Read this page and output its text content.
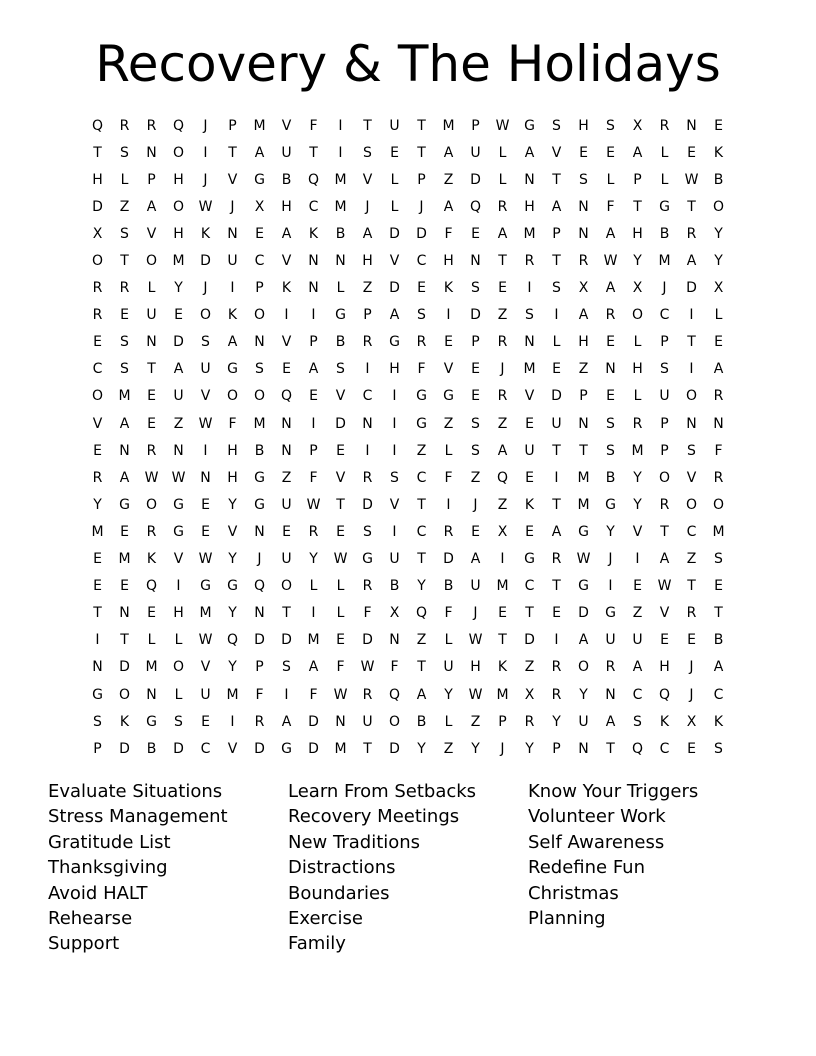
Recovery & The Holidays
Q	R	R	Q	J	P	M	V	F	I	T	U	T	M	P	W	G	S	H	S	X	R	N	E
T	S	N	O	I	T	A	U	T	I	S	E	T	A	U	L	A	V	E	E	A	L	E	K
H	L	P	H	J	V	G	B	Q	M	V	L	P	Z	D	L	N	T	S	L	P	L	W	B
D	Z	A	O	W	J	X	H	C	M	J	L	J	A	Q	R	H	A	N	F	T	G	T	O
X	S	V	H	K	N	E	A	K	B	A	D	D	F	E	A	M	P	N	A	H	B	R	Y
O	T	O	M	D	U	C	V	N	N	H	V	C	H	N	T	R	T	R	W	Y	M	A	Y
R	R	L	Y	J	I	P	K	N	L	Z	D	E	K	S	E	I	S	X	A	X	J	D	X
R	E	U	E	O	K	O	I	I	G	P	A	S	I	D	Z	S	I	A	R	O	C	I	L
E	S	N	D	S	A	N	V	P	B	R	G	R	E	P	R	N	L	H	E	L	P	T	E
C	S	T	A	U	G	S	E	A	S	I	H	F	V	E	J	M	E	Z	N	H	S	I	A
O	M	E	U	V	O	O	Q	E	V	C	I	G	G	E	R	V	D	P	E	L	U	O	R
V	A	E	Z	W	F	M	N	I	D	N	I	G	Z	S	Z	E	U	N	S	R	P	N	N
E	N	R	N	I	H	B	N	P	E	I	I	Z	L	S	A	U	T	T	S	M	P	S	F
R	A	W	W	N	H	G	Z	F	V	R	S	C	F	Z	Q	E	I	M	B	Y	O	V	R
Y	G	O	G	E	Y	G	U	W	T	D	V	T	I	J	Z	K	T	M	G	Y	R	O	O
M	E	R	G	E	V	N	E	R	E	S	I	C	R	E	X	E	A	G	Y	V	T	C	M
E	M	K	V	W	Y	J	U	Y	W	G	U	T	D	A	I	G	R	W	J	I	A	Z	S
E	E	Q	I	G	G	Q	O	L	L	R	B	Y	B	U	M	C	T	G	I	E	W	T	E
T	N	E	H	M	Y	N	T	I	L	F	X	Q	F	J	E	T	E	D	G	Z	V	R	T
I	T	L	L	W	Q	D	D	M	E	D	N	Z	L	W	T	D	I	A	U	U	E	E	B
N	D	M	O	V	Y	P	S	A	F	W	F	T	U	H	K	Z	R	O	R	A	H	J	A
G	O	N	L	U	M	F	I	F	W	R	Q	A	Y	W	M	X	R	Y	N	C	Q	J	C
S	K	G	S	E	I	R	A	D	N	U	O	B	L	Z	P	R	Y	U	A	S	K	X	K
P	D	B	D	C	V	D	G	D	M	T	D	Y	Z	Y	J	Y	P	N	T	Q	C	E	S
Evaluate Situations
Stress Management
Gratitude List
Thanksgiving
Avoid HALT
Rehearse
Support
Learn From Setbacks
Recovery Meetings
New Traditions
Distractions
Boundaries
Exercise
Family
Know Your Triggers
Volunteer Work
Self Awareness
Redefine Fun
Christmas
Planning
